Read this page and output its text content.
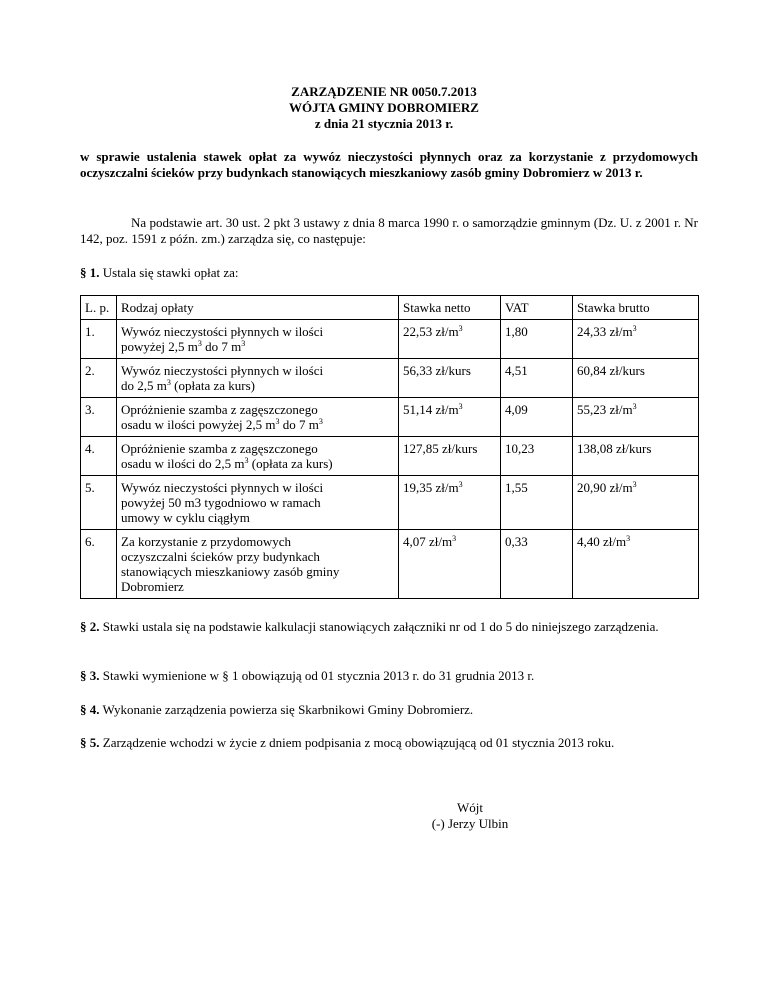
ZARZĄDZENIE NR 0050.7.2013
WÓJTA GMINY DOBROMIERZ
z dnia 21 stycznia 2013 r.
w sprawie ustalenia stawek opłat za wywóz nieczystości płynnych oraz za korzystanie z przydomowych oczyszczalni ścieków przy budynkach stanowiących mieszkaniowy zasób gminy Dobromierz w 2013 r.
Na podstawie art. 30 ust. 2 pkt 3 ustawy z dnia 8 marca 1990 r. o samorządzie gminnym (Dz. U. z 2001 r. Nr 142, poz. 1591 z późn. zm.) zarządza się, co następuje:
§ 1. Ustala się stawki opłat za:
L. p.	Rodzaj opłaty	Stawka netto	VAT	Stawka brutto
1.	Wywóz nieczystości płynnych w ilości
powyżej 2,5 $m^3$ do 7 $m^3$	22,53 $zł/m^3$	1,80	24,33 $zł/m^3$
2.	Wywóz nieczystości płynnych w ilości
do 2,5 $m^3$ (opłata za kurs)	56,33 zł/kurs	4,51	60,84 zł/kurs
3.	Opróżnienie szamba z zagęszczonego
osadu w ilości powyżej 2,5 $m^3$ do 7 $m^3$	51,14 $zł/m^3$	4,09	55,23 $zł/m^3$
4.	Opróżnienie szamba z zagęszczonego
osadu w ilości do 2,5 $m^3$ (opłata za kurs)	127,85 zł/kurs	10,23	138,08 zł/kurs
5.	Wywóz nieczystości płynnych w ilości
powyżej 50 m3 tygodniowo w ramach
umowy w cyklu ciągłym	19,35 $zł/m^3$	1,55	20,90 $zł/m^3$
6.	Za korzystanie z przydomowych
oczyszczalni ścieków przy budynkach
stanowiących mieszkaniowy zasób gminy
Dobromierz	4,07 $zł/m^3$	0,33	4,40 $zł/m^3$
§ 2. Stawki ustala się na podstawie kalkulacji stanowiących załączniki nr od 1 do 5 do niniejszego zarządzenia.
§ 3. Stawki wymienione w § 1 obowiązują od 01 stycznia 2013 r. do 31 grudnia 2013 r.
§ 4. Wykonanie zarządzenia powierza się Skarbnikowi Gminy Dobromierz.
§ 5. Zarządzenie wchodzi w życie z dniem podpisania z mocą obowiązującą od 01 stycznia 2013 roku.
Wójt
(-) Jerzy Ulbin
